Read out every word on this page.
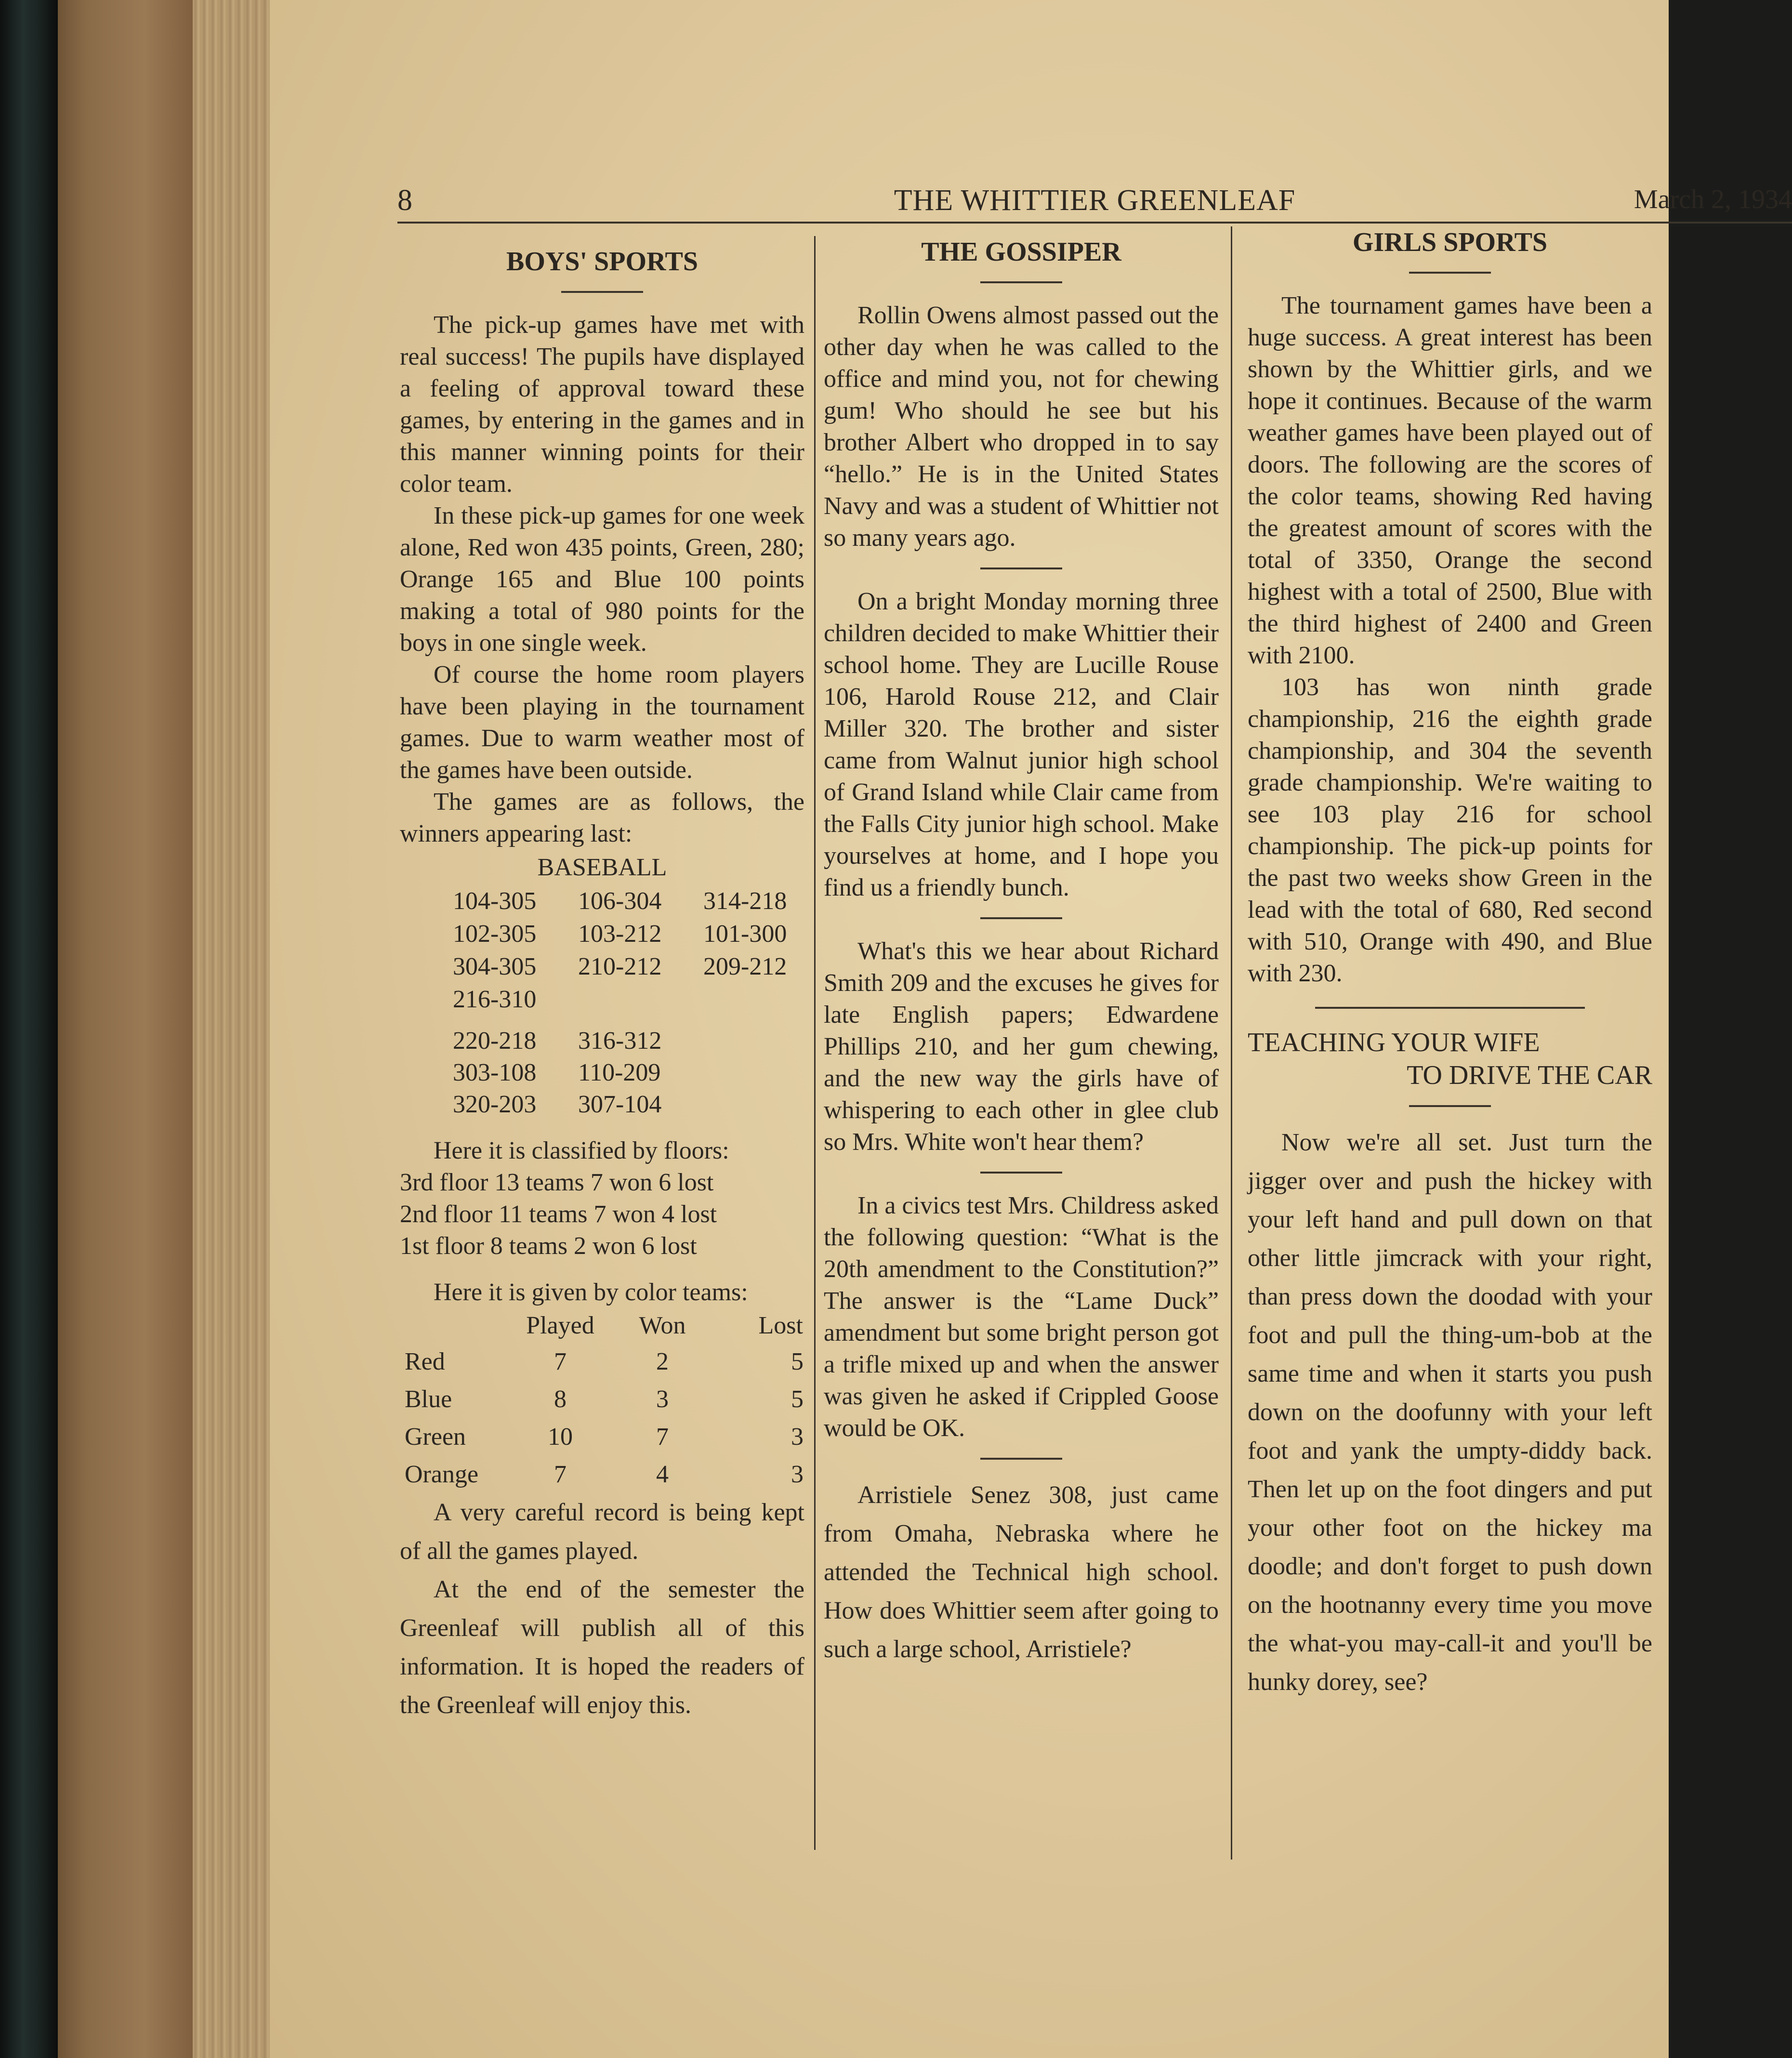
8	THE WHITTIER GREENLEAF	March 2, 1934
BOYS' SPORTS

The pick-up games have met with real success! The pupils have displayed a feeling of approval toward these games, by entering in the games and in this manner winning points for their color team.

In these pick-up games for one week alone, Red won 435 points, Green, 280; Orange 165 and Blue 100 points making a total of 980 points for the boys in one single week.

Of course the home room players have been playing in the tournament games. Due to warm weather most of the games have been outside.

The games are as follows, the winners appearing last:

BASEBALL
104-305	106-304	314-218
102-305	103-212	101-300
304-305	210-212	209-212
216-310
220-218	316-312
303-108	110-209
320-203	307-104

Here it is classified by floors:

3rd floor 13 teams 7 won 6 lost

2nd floor 11 teams 7 won 4 lost

1st floor 8 teams 2 won 6 lost

Here it is given by color teams:

	Played	Won	Lost
Red	7	2	5
Blue	8	3	5
Green	10	7	3
Orange	7	4	3

A very careful record is being kept of all the games played.

At the end of the semester the Greenleaf will publish all of this information. It is hoped the readers of the Greenleaf will enjoy this.

THE GOSSIPER

Rollin Owens almost passed out the other day when he was called to the office and mind you, not for chewing gum! Who should he see but his brother Albert who dropped in to say “hello.” He is in the United States Navy and was a student of Whittier not so many years ago.

On a bright Monday morning three children decided to make Whittier their school home. They are Lucille Rouse 106, Harold Rouse 212, and Clair Miller 320. The brother and sister came from Walnut junior high school of Grand Island while Clair came from the Falls City junior high school. Make yourselves at home, and I hope you find us a friendly bunch.

What's this we hear about Richard Smith 209 and the excuses he gives for late English papers; Edwardene Phillips 210, and her gum chewing, and the new way the girls have of whispering to each other in glee club so Mrs. White won't hear them?

In a civics test Mrs. Childress asked the following question: “What is the 20th amendment to the Constitution?” The answer is the “Lame Duck” amendment but some bright person got a trifle mixed up and when the answer was given he asked if Crippled Goose would be OK.

Arristiele Senez 308, just came from Omaha, Nebraska where he attended the Technical high school. How does Whittier seem after going to such a large school, Arristiele?

GIRLS SPORTS

The tournament games have been a huge success. A great interest has been shown by the Whittier girls, and we hope it continues. Because of the warm weather games have been played out of doors. The following are the scores of the color teams, showing Red having the greatest amount of scores with the total of 3350, Orange the second highest with a total of 2500, Blue with the third highest of 2400 and Green with 2100.

103 has won ninth grade championship, 216 the eighth grade championship, and 304 the seventh grade championship. We're waiting to see 103 play 216 for school championship. The pick-up points for the past two weeks show Green in the lead with the total of 680, Red second with 510, Orange with 490, and Blue with 230.

TEACHING YOUR WIFE
TO DRIVE THE CAR

Now we're all set. Just turn the jigger over and push the hickey with your left hand and pull down on that other little jimcrack with your right, than press down the doodad with your foot and pull the thing-um-bob at the same time and when it starts you push down on the doofunny with your left foot and yank the umpty-diddy back. Then let up on the foot dingers and put your other foot on the hickey ma doodle; and don't forget to push down on the hootnanny every time you move the what-you may-call-it and you'll be hunky dorey, see?
